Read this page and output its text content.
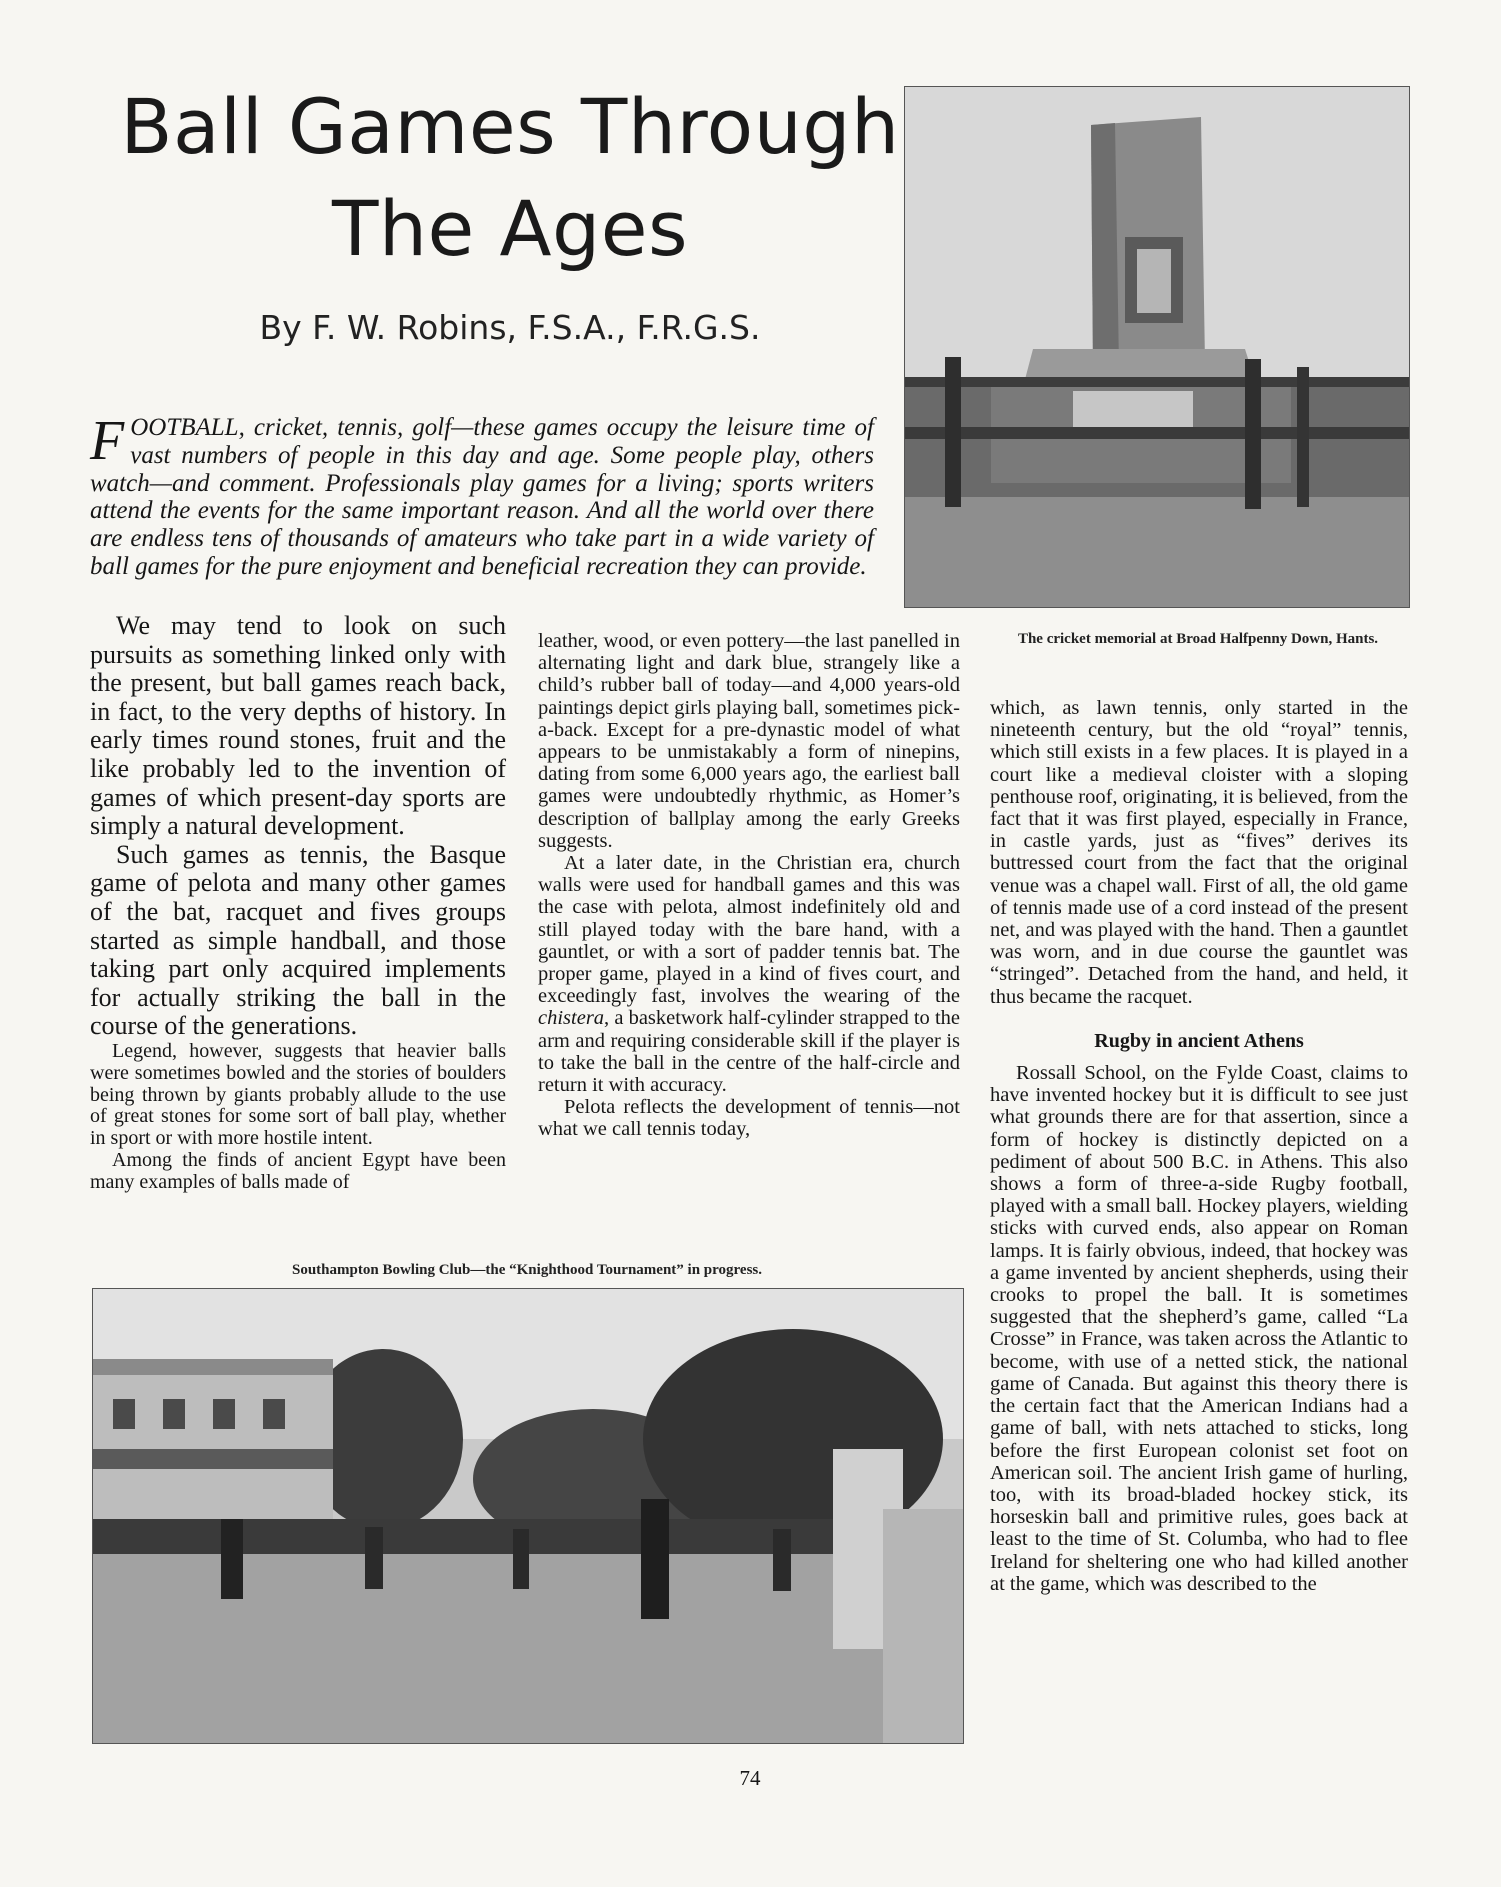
Ball Games Through
The Ages
By F. W. Robins, F.S.A., F.R.G.S.

FOOTBALL, cricket, tennis, golf—these games occupy the leisure time of vast numbers of people in this day and age. Some people play, others watch—and comment. Professionals play games for a living; sports writers attend the events for the same important reason. And all the world over there are endless tens of thousands of amateurs who take part in a wide variety of ball games for the pure enjoyment and beneficial recreation they can provide.

The cricket memorial at Broad Halfpenny Down, Hants.

We may tend to look on such pursuits as something linked only with the present, but ball games reach back, in fact, to the very depths of history. In early times round stones, fruit and the like probably led to the invention of games of which present-day sports are simply a natural development.

Such games as tennis, the Basque game of pelota and many other games of the bat, racquet and fives groups started as simple handball, and those taking part only acquired implements for actually striking the ball in the course of the generations.

Legend, however, suggests that heavier balls were sometimes bowled and the stories of boulders being thrown by giants probably allude to the use of great stones for some sort of ball play, whether in sport or with more hostile intent.

Among the finds of ancient Egypt have been many examples of balls made of

leather, wood, or even pottery—the last panelled in alternating light and dark blue, strangely like a child’s rubber ball of today—and 4,000 years-old paintings depict girls playing ball, sometimes pick-a-back. Except for a pre-dynastic model of what appears to be unmistakably a form of ninepins, dating from some 6,000 years ago, the earliest ball games were undoubtedly rhythmic, as Homer’s description of ballplay among the early Greeks suggests.

At a later date, in the Christian era, church walls were used for handball games and this was the case with pelota, almost indefinitely old and still played today with the bare hand, with a gauntlet, or with a sort of padder tennis bat. The proper game, played in a kind of fives court, and exceedingly fast, involves the wearing of the chistera, a basketwork half-cylinder strapped to the arm and requiring considerable skill if the player is to take the ball in the centre of the half-circle and return it with accuracy.

Pelota reflects the development of tennis—not what we call tennis today,

which, as lawn tennis, only started in the nineteenth century, but the old “royal” tennis, which still exists in a few places. It is played in a court like a medieval cloister with a sloping penthouse roof, originating, it is believed, from the fact that it was first played, especially in France, in castle yards, just as “fives” derives its buttressed court from the fact that the original venue was a chapel wall. First of all, the old game of tennis made use of a cord instead of the present net, and was played with the hand. Then a gauntlet was worn, and in due course the gauntlet was “stringed”. Detached from the hand, and held, it thus became the racquet.

Rugby in ancient Athens

Rossall School, on the Fylde Coast, claims to have invented hockey but it is difficult to see just what grounds there are for that assertion, since a form of hockey is distinctly depicted on a pediment of about 500 B.C. in Athens. This also shows a form of three-a-side Rugby football, played with a small ball. Hockey players, wielding sticks with curved ends, also appear on Roman lamps. It is fairly obvious, indeed, that hockey was a game invented by ancient shepherds, using their crooks to propel the ball. It is sometimes suggested that the shepherd’s game, called “La Crosse” in France, was taken across the Atlantic to become, with use of a netted stick, the national game of Canada. But against this theory there is the certain fact that the American Indians had a game of ball, with nets attached to sticks, long before the first European colonist set foot on American soil. The ancient Irish game of hurling, too, with its broad-bladed hockey stick, its horseskin ball and primitive rules, goes back at least to the time of St. Columba, who had to flee Ireland for sheltering one who had killed another at the game, which was described to the

Southampton Bowling Club—the “Knighthood Tournament” in progress.
74
